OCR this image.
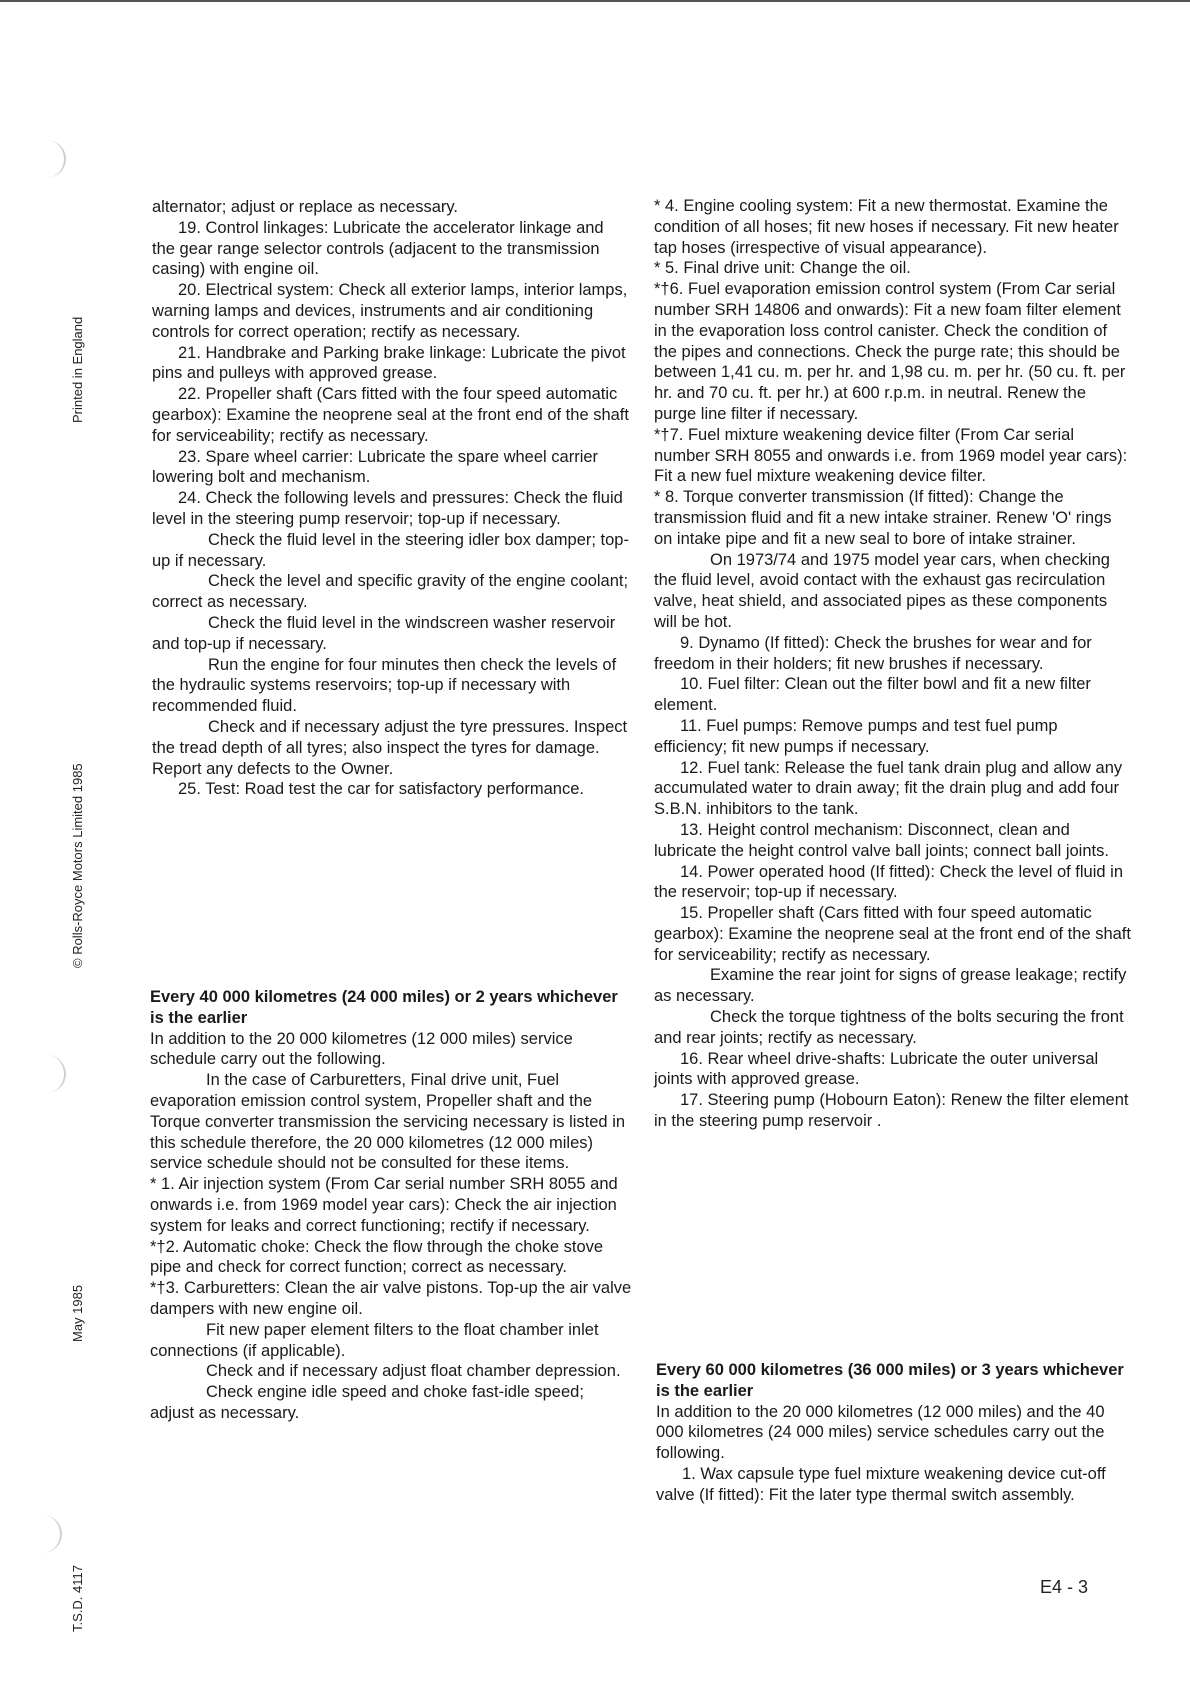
Printed in England
© Rolls-Royce Motors Limited 1985
May 1985
T.S.D. 4117

alternator; adjust or replace as necessary.

19. Control linkages: Lubricate the accelerator linkage and the gear range selector controls (adjacent to the transmission casing) with engine oil.

20. Electrical system: Check all exterior lamps, interior lamps, warning lamps and devices, instruments and air conditioning controls for correct operation; rectify as necessary.

21. Handbrake and Parking brake linkage: Lubricate the pivot pins and pulleys with approved grease.

22. Propeller shaft (Cars fitted with the four speed automatic gearbox): Examine the neoprene seal at the front end of the shaft for serviceability; rectify as necessary.

23. Spare wheel carrier: Lubricate the spare wheel carrier lowering bolt and mechanism.

24. Check the following levels and pressures: Check the fluid level in the steering pump reservoir; top-up if necessary.

Check the fluid level in the steering idler box damper; top-up if necessary.

Check the level and specific gravity of the engine coolant; correct as necessary.

Check the fluid level in the windscreen washer reservoir and top-up if necessary.

Run the engine for four minutes then check the levels of the hydraulic systems reservoirs; top-up if necessary with recommended fluid.

Check and if necessary adjust the tyre pressures. Inspect the tread depth of all tyres; also inspect the tyres for damage. Report any defects to the Owner.

25. Test: Road test the car for satisfactory performance.

Every 40 000 kilometres (24 000 miles) or 2 years whichever is the earlier

In addition to the 20 000 kilometres (12 000 miles) service schedule carry out the following.

In the case of Carburetters, Final drive unit, Fuel evaporation emission control system, Propeller shaft and the Torque converter transmission the servicing necessary is listed in this schedule therefore, the 20 000 kilometres (12 000 miles) service schedule should not be consulted for these items.

* 1. Air injection system (From Car serial number SRH 8055 and onwards i.e. from 1969 model year cars): Check the air injection system for leaks and correct functioning; rectify if necessary.

*†2. Automatic choke: Check the flow through the choke stove pipe and check for correct function; correct as necessary.

*†3. Carburetters: Clean the air valve pistons. Top-up the air valve dampers with new engine oil.

Fit new paper element filters to the float chamber inlet connections (if applicable).

Check and if necessary adjust float chamber depression.

Check engine idle speed and choke fast-idle speed; adjust as necessary.

* 4. Engine cooling system: Fit a new thermostat. Examine the condition of all hoses; fit new hoses if necessary. Fit new heater tap hoses (irrespective of visual appearance).

* 5. Final drive unit: Change the oil.

*†6. Fuel evaporation emission control system (From Car serial number SRH 14806 and onwards): Fit a new foam filter element in the evaporation loss control canister. Check the condition of the pipes and connections. Check the purge rate; this should be between 1,41 cu. m. per hr. and 1,98 cu. m. per hr. (50 cu. ft. per hr. and 70 cu. ft. per hr.) at 600 r.p.m. in neutral. Renew the purge line filter if necessary.

*†7. Fuel mixture weakening device filter (From Car serial number SRH 8055 and onwards i.e. from 1969 model year cars): Fit a new fuel mixture weakening device filter.

* 8. Torque converter transmission (If fitted): Change the transmission fluid and fit a new intake strainer. Renew 'O' rings on intake pipe and fit a new seal to bore of intake strainer.

On 1973/74 and 1975 model year cars, when checking the fluid level, avoid contact with the exhaust gas recirculation valve, heat shield, and associated pipes as these components will be hot.

9. Dynamo (If fitted): Check the brushes for wear and for freedom in their holders; fit new brushes if necessary.

10. Fuel filter: Clean out the filter bowl and fit a new filter element.

11. Fuel pumps: Remove pumps and test fuel pump efficiency; fit new pumps if necessary.

12. Fuel tank: Release the fuel tank drain plug and allow any accumulated water to drain away; fit the drain plug and add four S.B.N. inhibitors to the tank.

13. Height control mechanism: Disconnect, clean and lubricate the height control valve ball joints; connect ball joints.

14. Power operated hood (If fitted): Check the level of fluid in the reservoir; top-up if necessary.

15. Propeller shaft (Cars fitted with four speed automatic gearbox): Examine the neoprene seal at the front end of the shaft for serviceability; rectify as necessary.

Examine the rear joint for signs of grease leakage; rectify as necessary.

Check the torque tightness of the bolts securing the front and rear joints; rectify as necessary.

16. Rear wheel drive-shafts: Lubricate the outer universal joints with approved grease.

17. Steering pump (Hobourn Eaton): Renew the filter element in the steering pump reservoir .

Every 60 000 kilometres (36 000 miles) or 3 years whichever is the earlier

In addition to the 20 000 kilometres (12 000 miles) and the 40 000 kilometres (24 000 miles) service schedules carry out the following.

1. Wax capsule type fuel mixture weakening device cut-off valve (If fitted): Fit the later type thermal switch assembly.

E4 - 3
